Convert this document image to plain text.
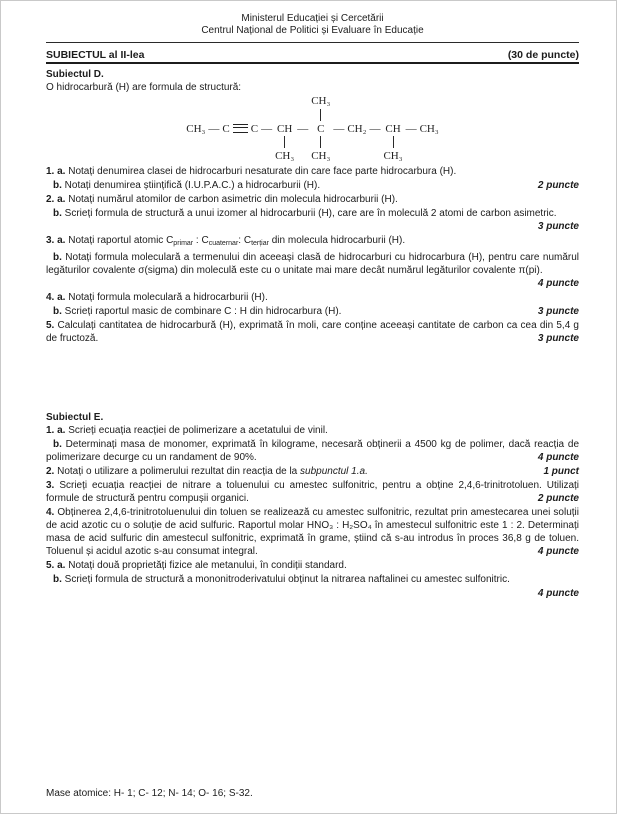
Ministerul Educației și Cercetării
Centrul Național de Politici și Evaluare în Educație
SUBIECTUL al II-lea	(30 de puncte)
Subiectul D.
O hidrocarbură (H) are formula de structură:
CH₃ — C C — CH
CH₃
—
CH₃
C
CH₃
— CH₂ — CH
CH₃
— CH₃
1. a. Notați denumirea clasei de hidrocarburi nesaturate din care face parte hidrocarbura (H).
b. Notați denumirea științifică (I.U.P.A.C.) a hidrocarburii (H).	2 puncte
2. a. Notați numărul atomilor de carbon asimetric din molecula hidrocarburii (H).
b. Scrieți formula de structură a unui izomer al hidrocarburii (H), care are în moleculă 2 atomi de carbon asimetric.
3 puncte
3. a. Notați raportul atomic $C_{primar}$ : $C_{cuaternar}$: $C_{terțiar}$ din molecula hidrocarburii (H).
b. Notați formula moleculară a termenului din aceeași clasă de hidrocarburi cu hidrocarbura (H), pentru care numărul legăturilor covalente σ(sigma) din moleculă este cu o unitate mai mare decât numărul legăturilor covalente π(pi).
4 puncte
4. a. Notați formula moleculară a hidrocarburii (H).
b. Scrieți raportul masic de combinare C : H din hidrocarbura (H).	3 puncte
5. Calculați cantitatea de hidrocarbură (H), exprimată în moli, care conține aceeași cantitate de carbon ca cea din 5,4 g de fructoză.	3 puncte
Subiectul E.
1. a. Scrieți ecuația reacției de polimerizare a acetatului de vinil.
b. Determinați masa de monomer, exprimată în kilograme, necesară obținerii a 4500 kg de polimer, dacă reacția de polimerizare decurge cu un randament de 90%.	4 puncte
2. Notați o utilizare a polimerului rezultat din reacția de la subpunctul 1.a.	1 punct
3. Scrieți ecuația reacției de nitrare a toluenului cu amestec sulfonitric, pentru a obține 2,4,6-trinitrotoluen. Utilizați formule de structură pentru compușii organici.	2 puncte
4. Obținerea 2,4,6-trinitrotoluenului din toluen se realizează cu amestec sulfonitric, rezultat prin amestecarea unei soluții de acid azotic cu o soluție de acid sulfuric. Raportul molar HNO₃ : H₂SO₄ în amestecul sulfonitric este 1 : 2. Determinați masa de acid sulfuric din amestecul sulfonitric, exprimată în grame, știind că s-au introdus în proces 36,8 g de toluen. Toluenul și acidul azotic s-au consumat integral.	4 puncte
5. a. Notați două proprietăți fizice ale metanului, în condiții standard.
b. Scrieți formula de structură a mononitroderivatului obținut la nitrarea naftalinei cu amestec sulfonitric.
4 puncte
Mase atomice: H- 1; C- 12; N- 14; O- 16; S-32.
